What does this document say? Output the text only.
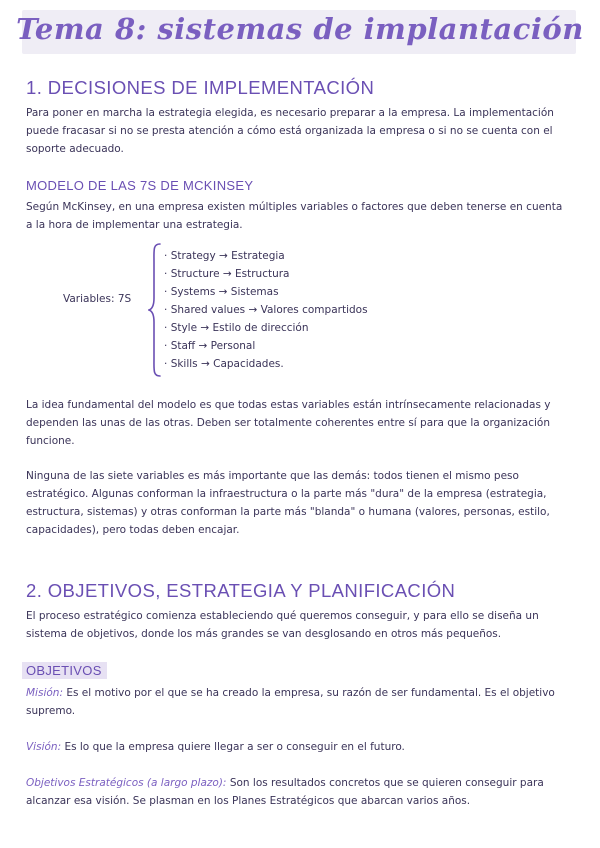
Tema 8: sistemas de implantación
1. DECISIONES DE IMPLEMENTACIÓN
Para poner en marcha la estrategia elegida, es necesario preparar a la empresa. La implementación puede fracasar si no se presta atención a cómo está organizada la empresa o si no se cuenta con el soporte adecuado.
MODELO DE LAS 7S DE MCKINSEY
Según McKinsey, en una empresa existen múltiples variables o factores que deben tenerse en cuenta a la hora de implementar una estrategia.
Variables: 7S
· Strategy → Estrategia
· Structure → Estructura
· Systems → Sistemas
· Shared values → Valores compartidos
· Style → Estilo de dirección
· Staff → Personal
· Skills → Capacidades.
La idea fundamental del modelo es que todas estas variables están intrínsecamente relacionadas y dependen las unas de las otras. Deben ser totalmente coherentes entre sí para que la organización funcione.
Ninguna de las siete variables es más importante que las demás: todos tienen el mismo peso estratégico. Algunas conforman la infraestructura o la parte más "dura" de la empresa (estrategia, estructura, sistemas) y otras conforman la parte más "blanda" o humana (valores, personas, estilo, capacidades), pero todas deben encajar.
2. OBJETIVOS, ESTRATEGIA Y PLANIFICACIÓN
El proceso estratégico comienza estableciendo qué queremos conseguir, y para ello se diseña un sistema de objetivos, donde los más grandes se van desglosando en otros más pequeños.
OBJETIVOS
Misión: Es el motivo por el que se ha creado la empresa, su razón de ser fundamental. Es el objetivo supremo.
Visión: Es lo que la empresa quiere llegar a ser o conseguir en el futuro.
Objetivos Estratégicos (a largo plazo): Son los resultados concretos que se quieren conseguir para alcanzar esa visión. Se plasman en los Planes Estratégicos que abarcan varios años.
